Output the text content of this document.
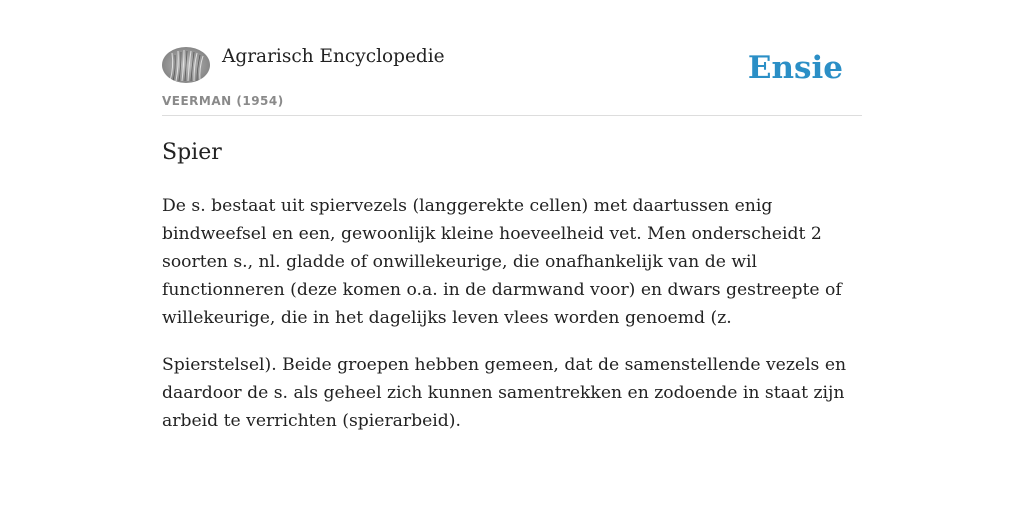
Agrarisch Encyclopedie
VEERMAN (1954)
Ensie
Spier

De s. bestaat uit spiervezels (langgerekte cellen) met daartussen enig bindweefsel en een, gewoonlijk kleine hoeveelheid vet. Men onderscheidt 2 soorten s., nl. gladde of onwillekeurige, die onafhankelijk van de wil functionneren (deze komen o.a. in de darmwand voor) en dwars gestreepte of willekeurige, die in het dagelijks leven vlees worden genoemd (z.

Spierstelsel). Beide groepen hebben gemeen, dat de samenstellende vezels en daardoor de s. als geheel zich kunnen samentrekken en zodoende in staat zijn arbeid te verrichten (spierarbeid).
